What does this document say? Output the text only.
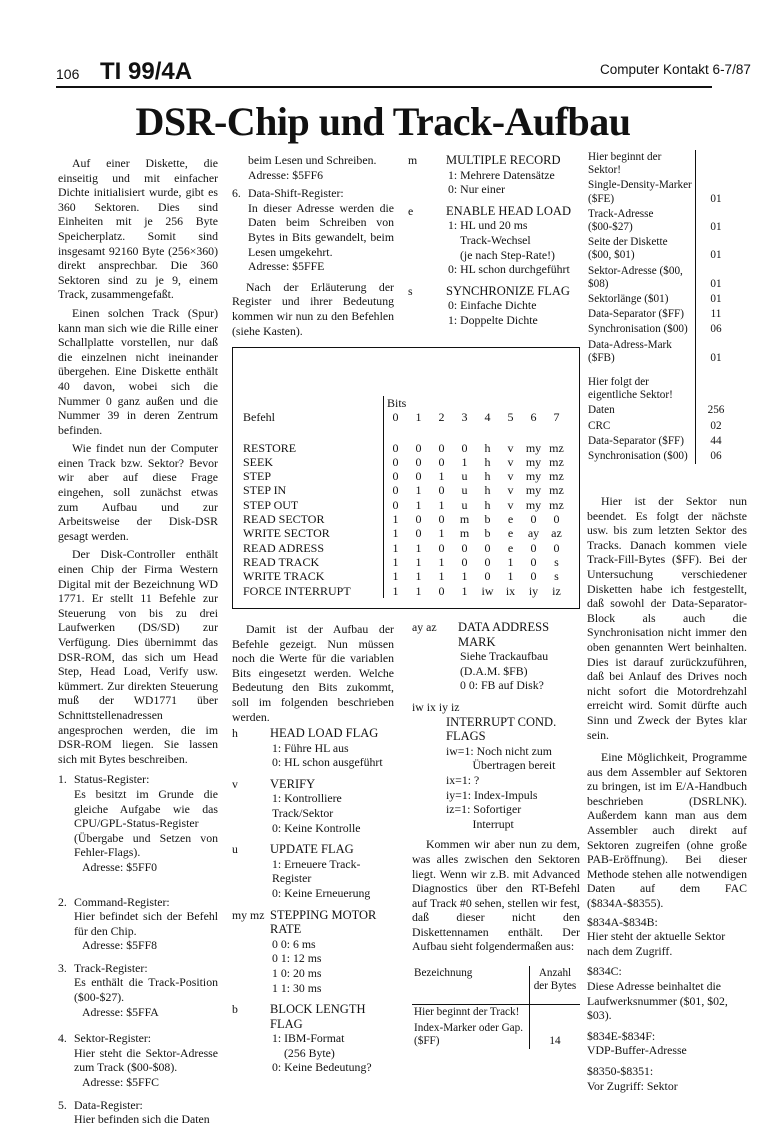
106 TI 99/4A	Computer Kontakt 6-7/87
DSR-Chip und Track-Aufbau

Auf einer Diskette, die einseitig und mit einfacher Dichte initialisiert wurde, gibt es 360 Sektoren. Dies sind Einheiten mit je 256 Byte Speicherplatz. Somit sind insgesamt 92160 Byte (256×360) direkt ansprechbar. Die 360 Sektoren sind zu je 9, einem Track, zusammengefaßt.

Einen solchen Track (Spur) kann man sich wie die Rille einer Schallplatte vorstellen, nur daß die einzelnen nicht ineinander übergehen. Eine Diskette enthält 40 davon, wobei sich die Nummer 0 ganz außen und die Nummer 39 in deren Zentrum befinden.

Wie findet nun der Computer einen Track bzw. Sektor? Bevor wir aber auf diese Frage eingehen, soll zunächst etwas zum Aufbau und zur Arbeitsweise der Disk-DSR gesagt werden.

Der Disk-Controller enthält einen Chip der Firma Western Digital mit der Bezeichnung WD 1771. Er stellt 11 Befehle zur Steuerung von bis zu drei Laufwerken (DS/SD) zur Verfügung. Dies übernimmt das DSR-ROM, das sich um Head Step, Head Load, Verify usw. kümmert. Zur direkten Steuerung muß der WD1771 über Schnittstellenadressen angesprochen werden, die im DSR-ROM liegen. Sie lassen sich mit Bytes beschreiben.

1. Status-Register:

Es besitzt im Grunde die gleiche Aufgabe wie das CPU/GPL-Status-Register (Übergabe und Setzen von Fehler-Flags).

Adresse: $5FF0
2. Command-Register:

Hier befindet sich der Befehl für den Chip.

Adresse: $5FF8
3. Track-Register:

Es enthält die Track-Position ($00-$27).

Adresse: $5FFA
4. Sektor-Register:

Hier steht die Sektor-Adresse zum Track ($00-$08).

Adresse: $5FFC
5. Data-Register:

Hier befinden sich die Daten

beim Lesen und Schreiben.
Adresse: $5FF6
6. Data-Shift-Register:

In dieser Adresse werden die Daten beim Schreiben von Bytes in Bits gewandelt, beim Lesen umgekehrt.

Adresse: $5FFE

Nach der Erläuterung der Register und ihrer Bedeutung kommen wir nun zu den Befehlen (siehe Kasten).

m	MULTIPLE RECORD
1: Mehrere Datensätze
0: Nur einer
e	ENABLE HEAD LOAD
1: HL und 20 ms
Track-Wechsel
(je nach Step-Rate!)
0: HL schon durchgeführt
s	SYNCHRONIZE FLAG
0: Einfache Dichte
1: Doppelte Dichte
Befehl	Bits							
	0	1	2	3	4	5	6	7

RESTORE	0	0	0	0	h	v	my	mz
SEEK	0	0	0	1	h	v	my	mz
STEP	0	0	1	u	h	v	my	mz
STEP IN	0	1	0	u	h	v	my	mz
STEP OUT	0	1	1	u	h	v	my	mz
READ SECTOR	1	0	0	m	b	e	0	0
WRITE SECTOR	1	0	1	m	b	e	ay	az
READ ADRESS	1	1	0	0	0	e	0	0
READ TRACK	1	1	1	0	0	1	0	s
WRITE TRACK	1	1	1	1	0	1	0	s
FORCE INTERRUPT	1	1	0	1	iw	ix	iy	iz

Damit ist der Aufbau der Befehle gezeigt. Nun müssen noch die Werte für die variablen Bits eingesetzt werden. Welche Bedeutung den Bits zukommt, soll im folgenden beschrieben werden.

h	HEAD LOAD FLAG
1: Führe HL aus
0: HL schon ausgeführt
v	VERIFY
1: Kontrolliere Track/Sektor
0: Keine Kontrolle
u	UPDATE FLAG
1: Erneuere Track-Register
0: Keine Erneuerung
my mz STEPPING MOTOR RATE
0 0: 6 ms
0 1: 12 ms
1 0: 20 ms
1 1: 30 ms
b	BLOCK LENGTH FLAG
1: IBM-Format
(256 Byte)
0: Keine Bedeutung?
ay az	DATA ADDRESS MARK
Siehe Trackaufbau
(D.A.M. $FB)
0 0: FB auf Disk?
iw ix iy iz
INTERRUPT COND. FLAGS
iw=1: Noch nicht zum
Übertragen bereit
ix=1: ?
iy=1: Index-Impuls
iz=1: Sofortiger
Interrupt

Kommen wir aber nun zu dem, was alles zwischen den Sektoren liegt. Wenn wir z.B. mit Advanced Diagnostics über den RT-Befehl auf Track #0 sehen, stellen wir fest, daß dieser nicht den Diskettennamen enthält. Der Aufbau sieht folgendermaßen aus:

Bezeichnung	Anzahl der Bytes

Hier beginnt der Track!	
Index-Marker oder Gap. ($FF)	14
Hier beginnt der Sektor!	
Single-Density-Marker ($FE)	01
Track-Adresse ($00-$27)	01
Seite der Diskette ($00, $01)	01
Sektor-Adresse ($00, $08)	01
Sektorlänge ($01)	01
Data-Separator ($FF)	11
Synchronisation ($00)	06
Data-Adress-Mark ($FB)	01
Hier folgt der eigentliche Sektor!	
Daten	256
CRC	02
Data-Separator ($FF)	44
Synchronisation ($00)	06

Hier ist der Sektor nun beendet. Es folgt der nächste usw. bis zum letzten Sektor des Tracks. Danach kommen viele Track-Fill-Bytes ($FF). Bei der Untersuchung verschiedener Disketten habe ich festgestellt, daß sowohl der Data-Separator-Block als auch die Synchronisation nicht immer den oben genannten Wert beinhalten. Dies ist darauf zurückzuführen, daß bei Anlauf des Drives noch nicht sofort die Motordrehzahl erreicht wird. Somit dürfte auch Sinn und Zweck der Bytes klar sein.

Eine Möglichkeit, Programme aus dem Assembler auf Sektoren zu bringen, ist im E/A-Handbuch beschrieben (DSRLNK). Außerdem kann man aus dem Assembler auch direkt auf Sektoren zugreifen (ohne große PAB-Eröffnung). Bei dieser Methode stehen alle notwendigen Daten auf dem FAC ($834A-$8355).

$834A-$834B:
Hier steht der aktuelle Sektor nach dem Zugriff.
$834C:
Diese Adresse beinhaltet die Laufwerksnummer ($01, $02, $03).
$834E-$834F:
VDP-Buffer-Adresse
$8350-$8351:
Vor Zugriff: Sektor
